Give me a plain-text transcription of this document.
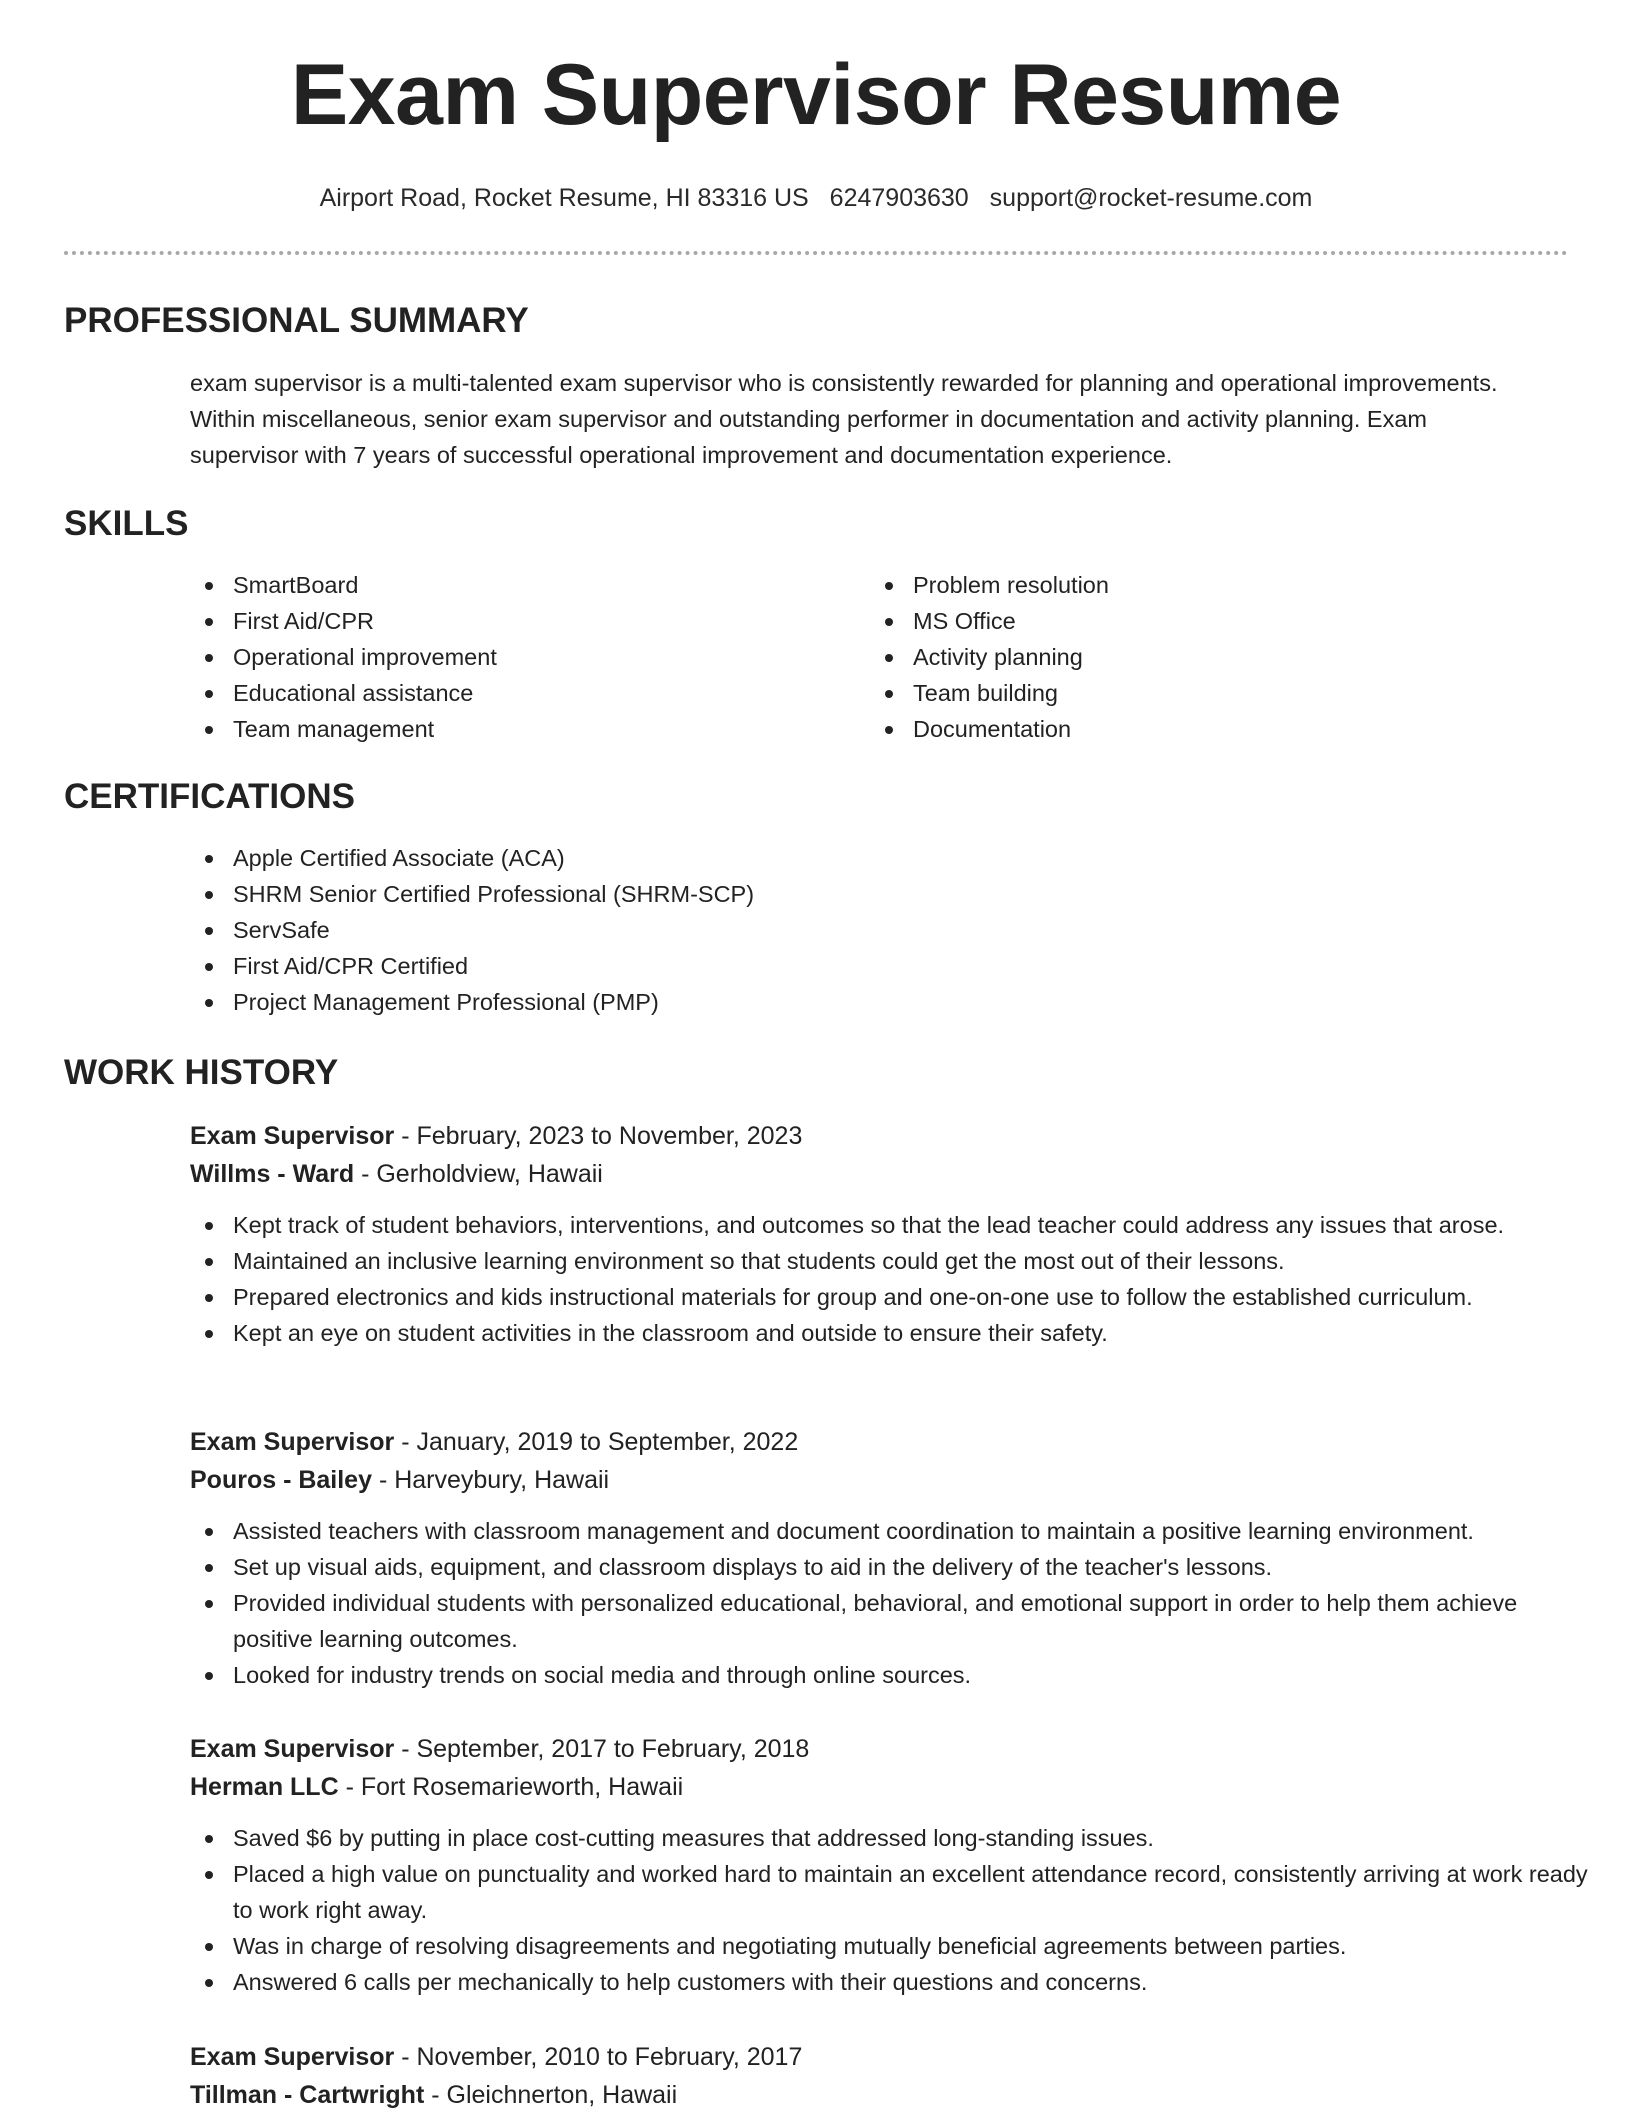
Exam Supervisor Resume
Airport Road, Rocket Resume, HI 83316 US 6247903630 support@rocket-resume.com
PROFESSIONAL SUMMARY

exam supervisor is a multi-talented exam supervisor who is consistently rewarded for planning and operational improvements. Within miscellaneous, senior exam supervisor and outstanding performer in documentation and activity planning. Exam supervisor with 7 years of successful operational improvement and documentation experience.

SKILLS
SmartBoard
First Aid/CPR
Operational improvement
Educational assistance
Team management
Problem resolution
MS Office
Activity planning
Team building
Documentation
CERTIFICATIONS
Apple Certified Associate (ACA)
SHRM Senior Certified Professional (SHRM-SCP)
ServSafe
First Aid/CPR Certified
Project Management Professional (PMP)
WORK HISTORY
Exam Supervisor - February, 2023 to November, 2023
Willms - Ward - Gerholdview, Hawaii
Kept track of student behaviors, interventions, and outcomes so that the lead teacher could address any issues that arose.
Maintained an inclusive learning environment so that students could get the most out of their lessons.
Prepared electronics and kids instructional materials for group and one-on-one use to follow the established curriculum.
Kept an eye on student activities in the classroom and outside to ensure their safety.
Exam Supervisor - January, 2019 to September, 2022
Pouros - Bailey - Harveybury, Hawaii
Assisted teachers with classroom management and document coordination to maintain a positive learning environment.
Set up visual aids, equipment, and classroom displays to aid in the delivery of the teacher's lessons.
Provided individual students with personalized educational, behavioral, and emotional support in order to help them achieve positive learning outcomes.
Looked for industry trends on social media and through online sources.
Exam Supervisor - September, 2017 to February, 2018
Herman LLC - Fort Rosemarieworth, Hawaii
Saved $6 by putting in place cost-cutting measures that addressed long-standing issues.
Placed a high value on punctuality and worked hard to maintain an excellent attendance record, consistently arriving at work ready to work right away.
Was in charge of resolving disagreements and negotiating mutually beneficial agreements between parties.
Answered 6 calls per mechanically to help customers with their questions and concerns.
Exam Supervisor - November, 2010 to February, 2017
Tillman - Cartwright - Gleichnerton, Hawaii
